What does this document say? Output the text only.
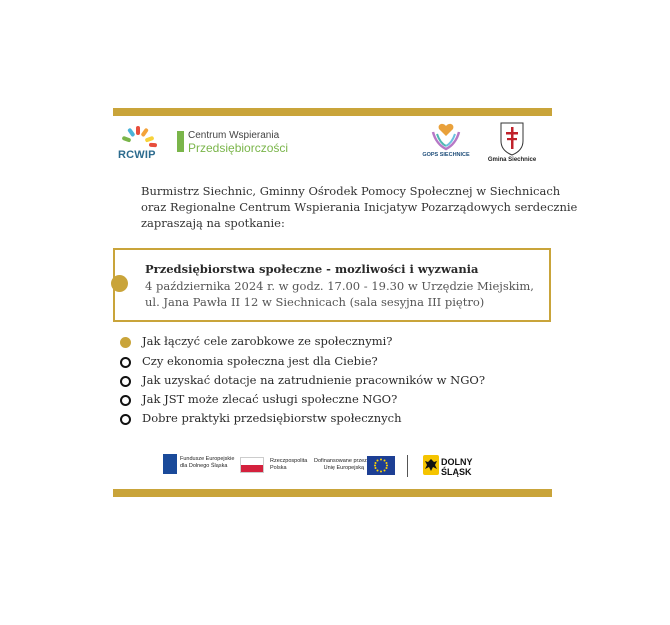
RCWIP
Centrum Wspierania
Przedsiębiorczości	GOPS SIECHNICE
Gmina Siechnice
Burmistrz Siechnic, Gminny Ośrodek Pomocy Społecznej w Siechnicach
oraz Regionalne Centrum Wspierania Inicjatyw Pozarządowych serdecznie
zapraszają na spotkanie:
Przedsiębiorstwa społeczne - mozliwości i wyzwania
4 października 2024 r. w godz. 17.00 - 19.30 w Urzędzie Miejskim,
ul. Jana Pawła II 12 w Siechnicach (sala sesyjna III piętro)
Jak łączyć cele zarobkowe ze społecznymi?
Czy ekonomia społeczna jest dla Ciebie?
Jak uzyskać dotacje na zatrudnienie pracowników w NGO?
Jak JST może zlecać usługi społeczne NGO?
Dobre praktyki przedsiębiorstw społecznych
Fundusze Europejskie
dla Dolnego Śląska
Rzeczpospolita
Polska
Dofinansowane przez
Unię Europejską
DOLNY
ŚLĄSK
